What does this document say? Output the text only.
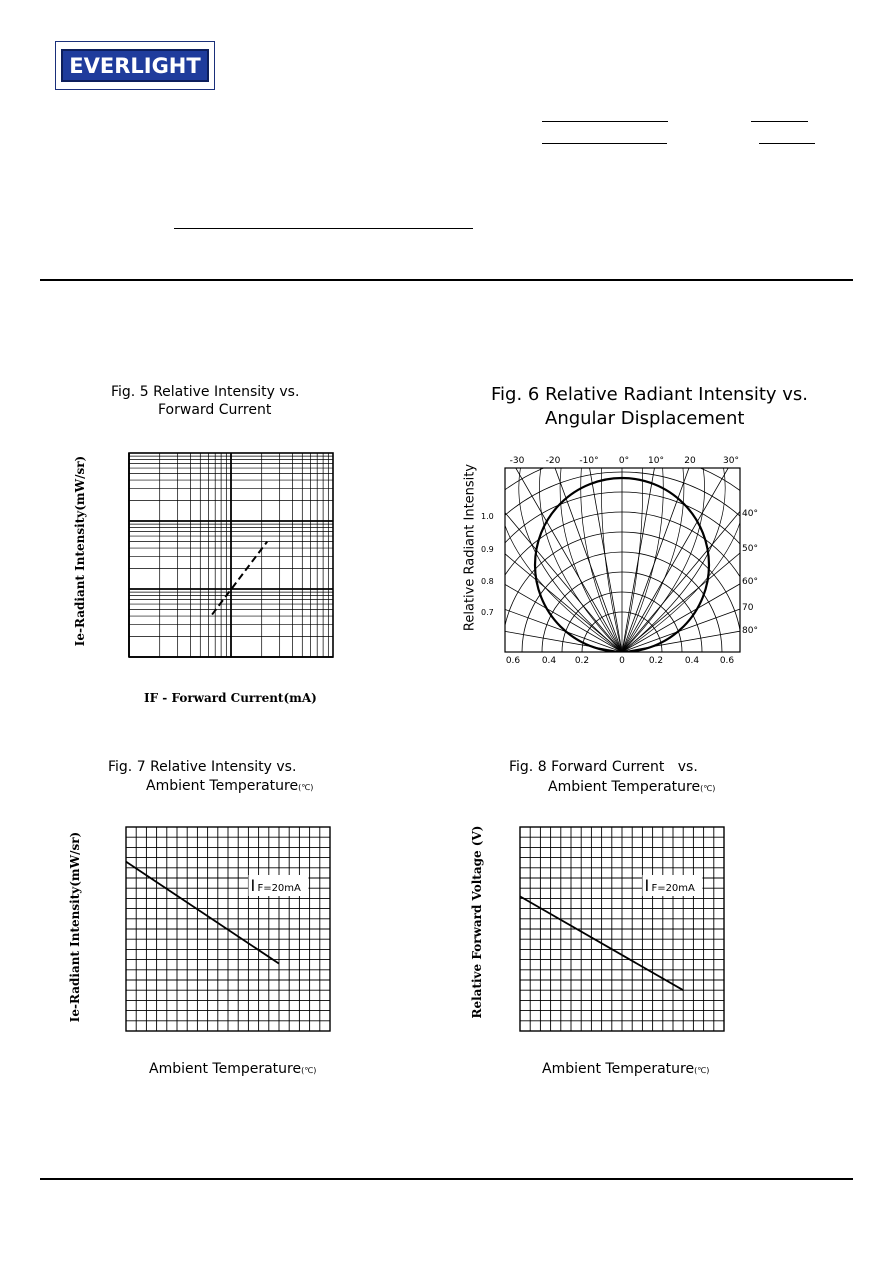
EVERLIGHT
Fig. 5 Relative Intensity vs.
Forward Current
Ie-Radiant Intensity(mW/sr)
IF - Forward Current(mA)
Fig. 6 Relative Radiant Intensity vs.
Angular Displacement
Relative Radiant Intensity
-30 -20 -10° 0° 10° 20	30°
40°
50°
60°
70
80°
1.0
0.9
0.8
0.7
0.6 0.4 0.2	0	0.2 0.4 0.6
Fig. 7 Relative Intensity vs.
Ambient Temperature(℃)
Ie-Radiant Intensity(mW/sr)
Ambient Temperature(℃)
I F=20mA
Fig. 8 Forward Current   vs.
Ambient Temperature(℃)
Relative Forward Voltage (V)
Ambient Temperature(℃)
I F=20mA
